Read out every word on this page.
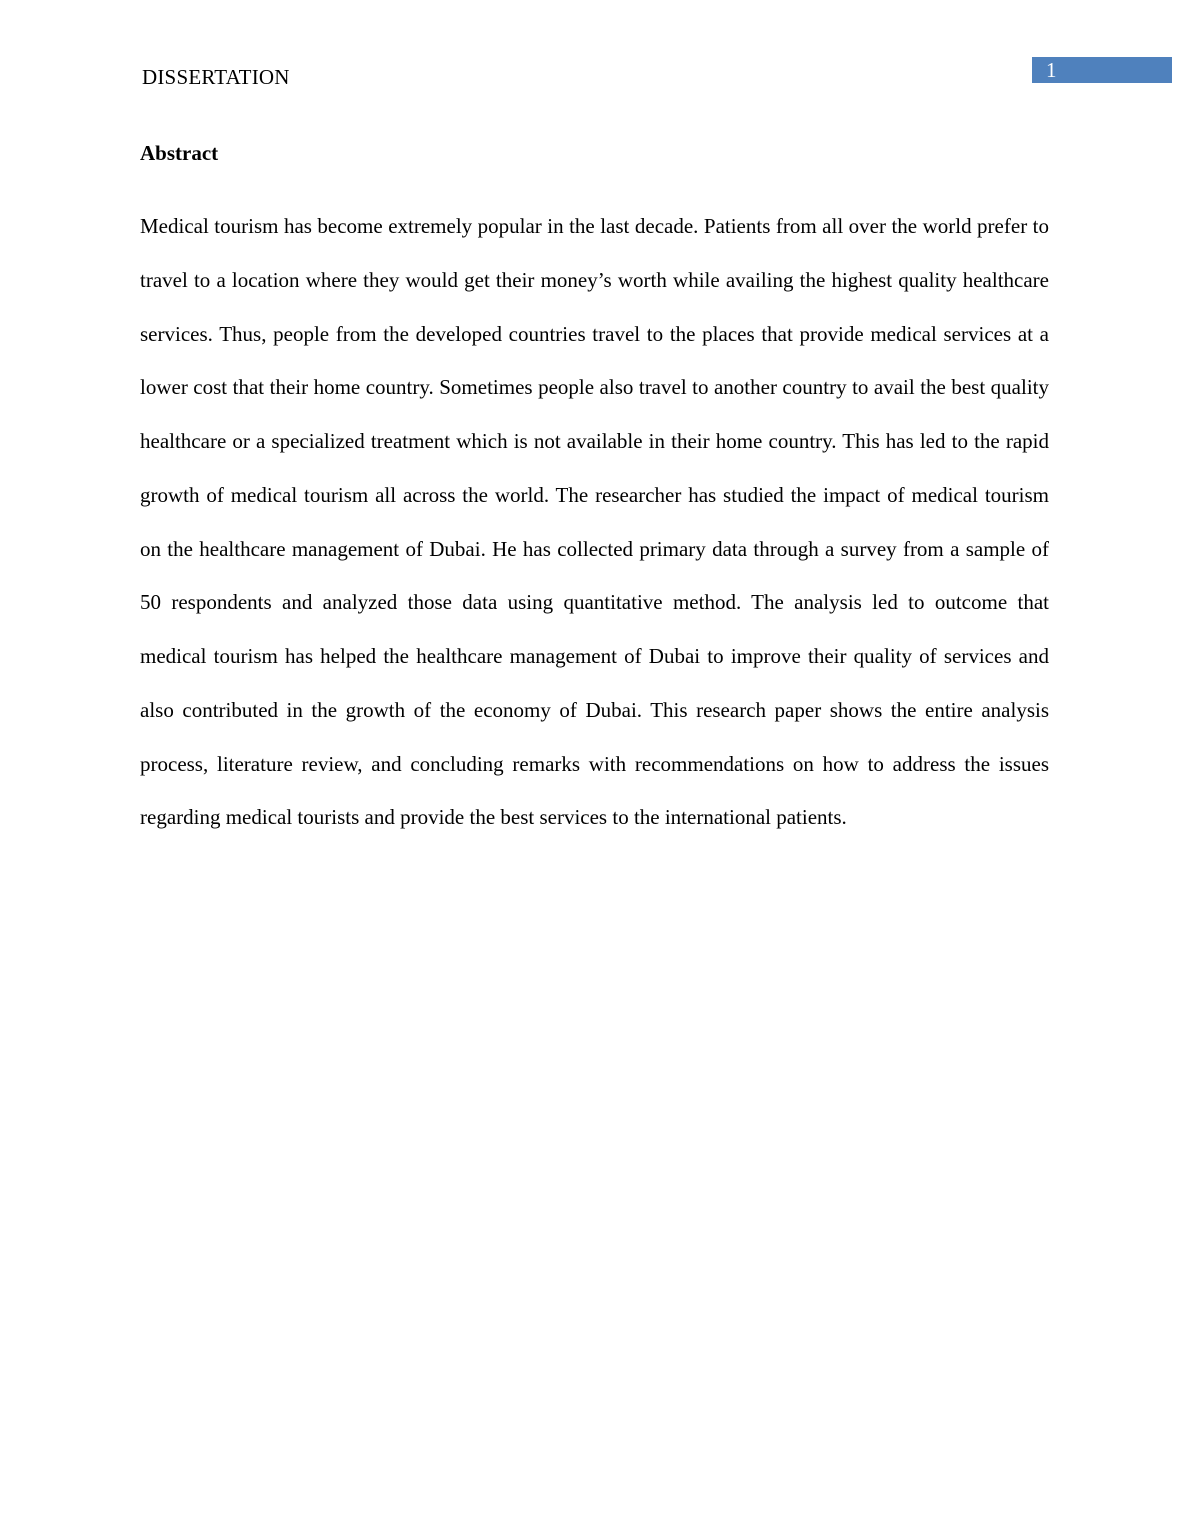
DISSERTATION	1
Abstract

Medical tourism has become extremely popular in the last decade. Patients from all over the world prefer to travel to a location where they would get their money’s worth while availing the highest quality healthcare services. Thus, people from the developed countries travel to the places that provide medical services at a lower cost that their home country. Sometimes people also travel to another country to avail the best quality healthcare or a specialized treatment which is not available in their home country. This has led to the rapid growth of medical tourism all across the world. The researcher has studied the impact of medical tourism on the healthcare management of Dubai. He has collected primary data through a survey from a sample of 50 respondents and analyzed those data using quantitative method. The analysis led to outcome that medical tourism has helped the healthcare management of Dubai to improve their quality of services and also contributed in the growth of the economy of Dubai. This research paper shows the entire analysis process, literature review, and concluding remarks with recommendations on how to address the issues regarding medical tourists and provide the best services to the international patients.
